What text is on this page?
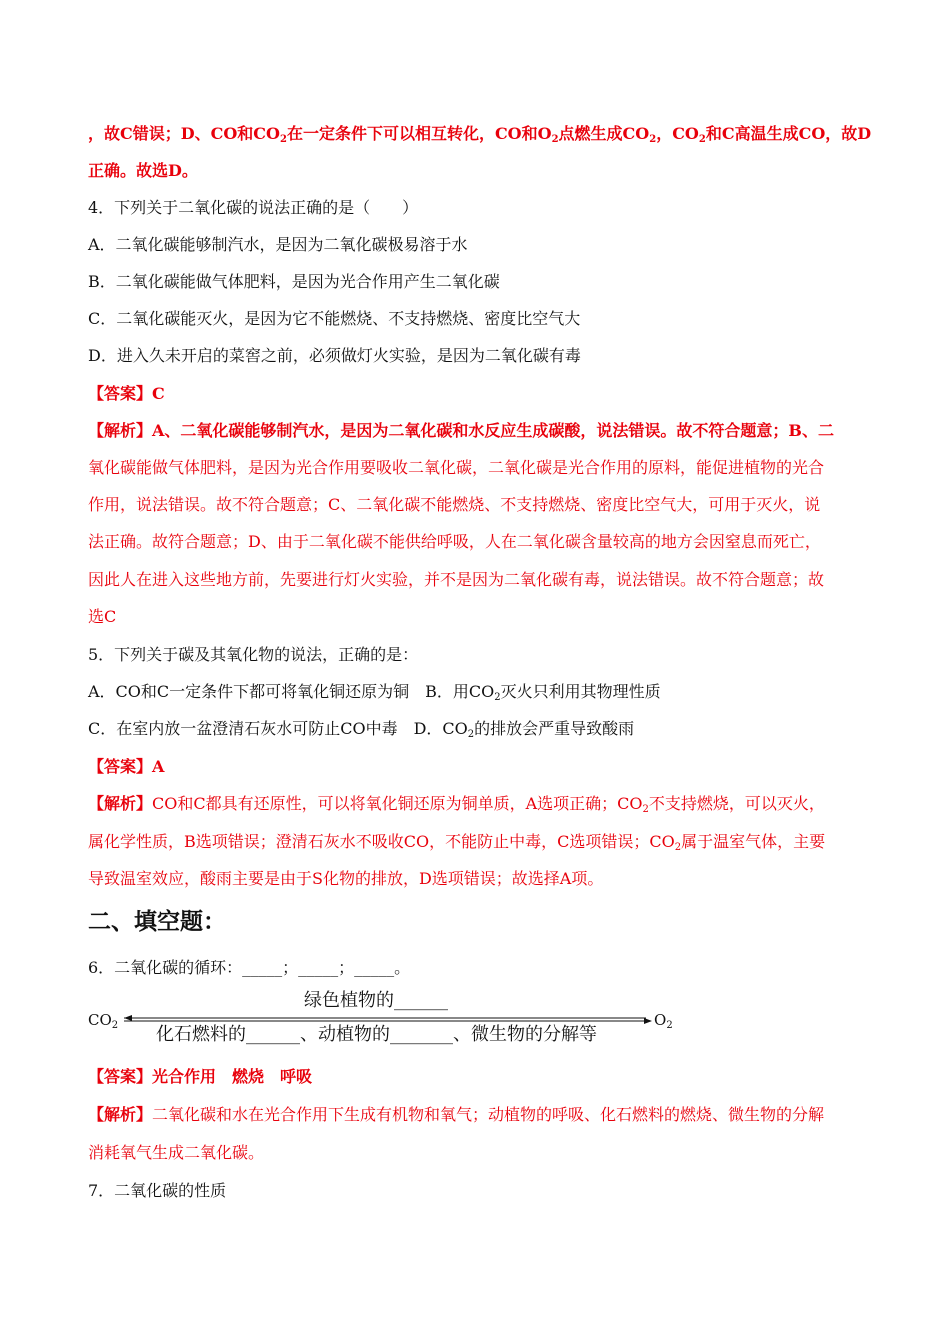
，故C错误；D、CO和$CO_2$在一定条件下可以相互转化，CO和$O_2$点燃生成$CO_2$，$CO_2$和C高温生成CO，故D
正确。故选D。
4．下列关于二氧化碳的说法正确的是（　　）
A．二氧化碳能够制汽水，是因为二氧化碳极易溶于水
B．二氧化碳能做气体肥料，是因为光合作用产生二氧化碳
C．二氧化碳能灭火，是因为它不能燃烧、不支持燃烧、密度比空气大
D．进入久未开启的菜窖之前，必须做灯火实验，是因为二氧化碳有毒
【答案】C
【解析】A、二氧化碳能够制汽水，是因为二氧化碳和水反应生成碳酸，说法错误。故不符合题意；B、二
氧化碳能做气体肥料，是因为光合作用要吸收二氧化碳，二氧化碳是光合作用的原料，能促进植物的光合
作用，说法错误。故不符合题意；C、二氧化碳不能燃烧、不支持燃烧、密度比空气大，可用于灭火，说
法正确。故符合题意；D、由于二氧化碳不能供给呼吸，人在二氧化碳含量较高的地方会因窒息而死亡，
因此人在进入这些地方前，先要进行灯火实验，并不是因为二氧化碳有毒，说法错误。故不符合题意；故
选C
5．下列关于碳及其氧化物的说法，正确的是：
A．CO和C一定条件下都可将氧化铜还原为铜　B．用$CO_2$灭火只利用其物理性质
C．在室内放一盆澄清石灰水可防止CO中毒　D．$CO_2$的排放会严重导致酸雨
【答案】A
【解析】CO和C都具有还原性，可以将氧化铜还原为铜单质，A选项正确；$CO_2$不支持燃烧，可以灭火，
属化学性质，B选项错误；澄清石灰水不吸收CO，不能防止中毒，C选项错误；$CO_2$属于温室气体，主要
导致温室效应，酸雨主要是由于S化物的排放，D选项错误；故选择A项。
二、填空题：
6．二氧化碳的循环：_____；_____；_____。
$CO_2$	$O_2$
绿色植物的______
化石燃料的______、动植物的_______、微生物的分解等
【答案】光合作用　燃烧　呼吸
【解析】二氧化碳和水在光合作用下生成有机物和氧气；动植物的呼吸、化石燃料的燃烧、微生物的分解
消耗氧气生成二氧化碳。
7．二氧化碳的性质
